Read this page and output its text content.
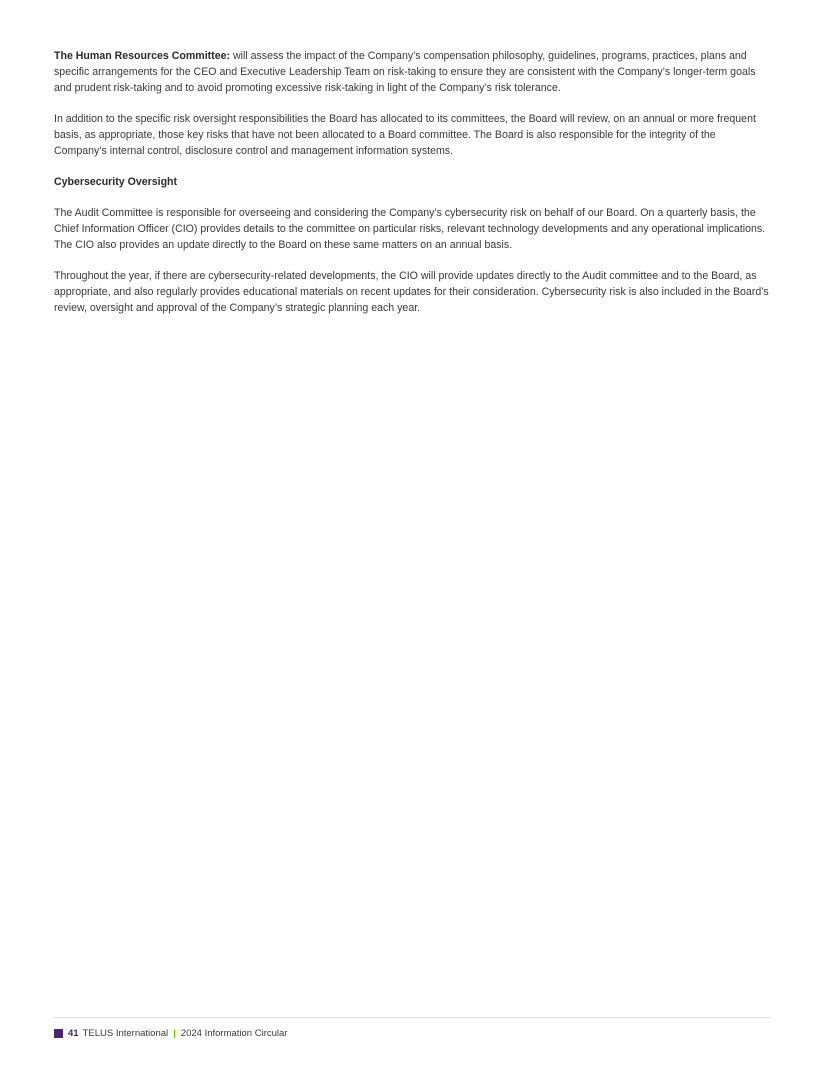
The Human Resources Committee: will assess the impact of the Company’s compensation philosophy, guidelines, programs, practices, plans and specific arrangements for the CEO and Executive Leadership Team on risk-taking to ensure they are consistent with the Company’s longer-term goals and prudent risk-taking and to avoid promoting excessive risk-taking in light of the Company’s risk tolerance.

In addition to the specific risk oversight responsibilities the Board has allocated to its committees, the Board will review, on an annual or more frequent basis, as appropriate, those key risks that have not been allocated to a Board committee. The Board is also responsible for the integrity of the Company’s internal control, disclosure control and management information systems.

Cybersecurity Oversight

The Audit Committee is responsible for overseeing and considering the Company’s cybersecurity risk on behalf of our Board. On a quarterly basis, the Chief Information Officer (CIO) provides details to the committee on particular risks, relevant technology developments and any operational implications. The CIO also provides an update directly to the Board on these same matters on an annual basis.

Throughout the year, if there are cybersecurity-related developments, the CIO will provide updates directly to the Audit committee and to the Board, as appropriate, and also regularly provides educational materials on recent updates for their consideration. Cybersecurity risk is also included in the Board’s review, oversight and approval of the Company’s strategic planning each year.

41 TELUS International | 2024 Information Circular
